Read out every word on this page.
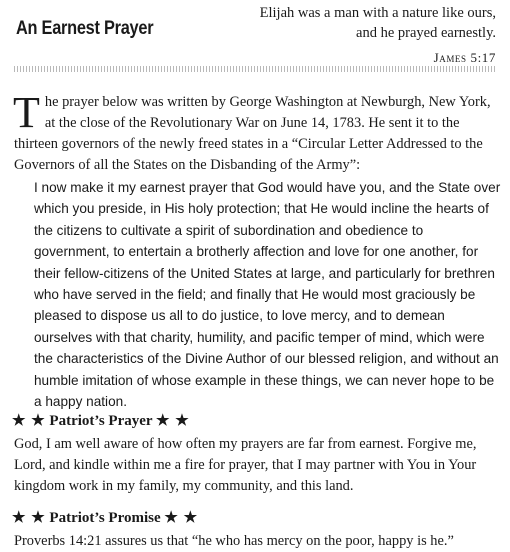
An Earnest Prayer
Elijah was a man with a nature like ours,
and he prayed earnestly.
James 5:17
T he prayer below was written by George Washington at Newburgh, New York, at the close of the Revolutionary War on June 14, 1783. He sent it to the thirteen governors of the newly freed states in a “Circular Letter Addressed to the Governors of all the States on the Disbanding of the Army”:
I now make it my earnest prayer that God would have you, and the State over which you preside, in His holy protection; that He would incline the hearts of the citizens to cultivate a spirit of subordination and obedience to government, to entertain a brotherly affection and love for one another, for their fellow-citizens of the United States at large, and particularly for brethren who have served in the field; and finally that He would most graciously be pleased to dispose us all to do justice, to love mercy, and to demean ourselves with that charity, humility, and pacific temper of mind, which were the characteristics of the Divine Author of our blessed religion, and without an humble imitation of whose example in these things, we can never hope to be a happy nation.
★ ★ Patriot’s Prayer ★ ★

God, I am well aware of how often my prayers are far from earnest. Forgive me, Lord, and kindle within me a fire for prayer, that I may partner with You in Your kingdom work in my family, my community, and this land.

★ ★ Patriot’s Promise ★ ★

Proverbs 14:21 assures us that “he who has mercy on the poor, happy is he.”
